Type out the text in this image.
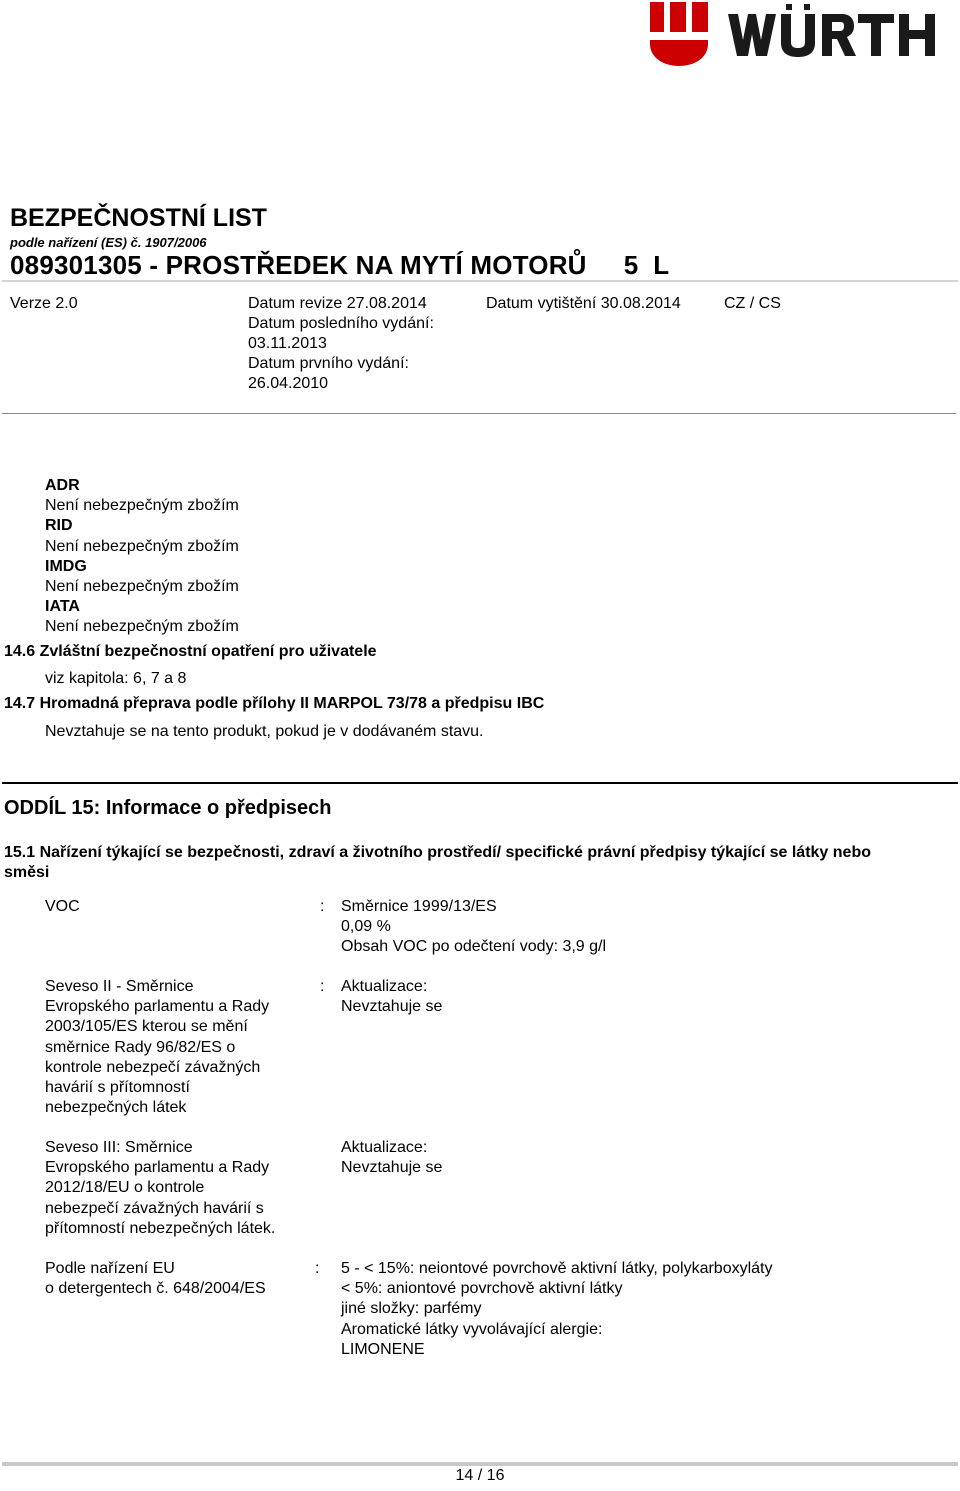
BEZPEČNOSTNÍ LIST
podle nařízení (ES) č. 1907/2006
089301305 - PROSTŘEDEK NA MYTÍ MOTORŮ     5  L
Verze 2.0	Datum revize 27.08.2014
Datum posledního vydání:
03.11.2013
Datum prvního vydání:
26.04.2010
Datum vytištění 30.08.2014	CZ / CS
ADR
Není nebezpečným zbožím
RID
Není nebezpečným zbožím
IMDG
Není nebezpečným zbožím
IATA
Není nebezpečným zbožím
14.6 Zvláštní bezpečnostní opatření pro uživatele
viz kapitola: 6, 7 a 8
14.7 Hromadná přeprava podle přílohy II MARPOL 73/78 a předpisu IBC
Nevztahuje se na tento produkt, pokud je v dodávaném stavu.
ODDÍL 15: Informace o předpisech
15.1 Nařízení týkající se bezpečnosti, zdraví a životního prostředí/ specifické právní předpisy týkající se látky nebo
směsi
VOC	: Směrnice 1999/13/ES
0,09 %
Obsah VOC po odečtení vody: 3,9 g/l
Seveso II - Směrnice
Evropského parlamentu a Rady
2003/105/ES kterou se mění
směrnice Rady 96/82/ES o
kontrole nebezpečí závažných
havárií s přítomností
nebezpečných látek
: Aktualizace:
Nevztahuje se
Seveso III: Směrnice
Evropského parlamentu a Rady
2012/18/EU o kontrole
nebezpečí závažných havárií s
přítomností nebezpečných látek.
Aktualizace:
Nevztahuje se
Podle nařízení EU
o detergentech č. 648/2004/ES
: 5 - < 15%: neiontové povrchově aktivní látky, polykarboxyláty
< 5%: aniontové povrchově aktivní látky
jiné složky: parfémy
Aromatické látky vyvolávající alergie:
LIMONENE
14 / 16
